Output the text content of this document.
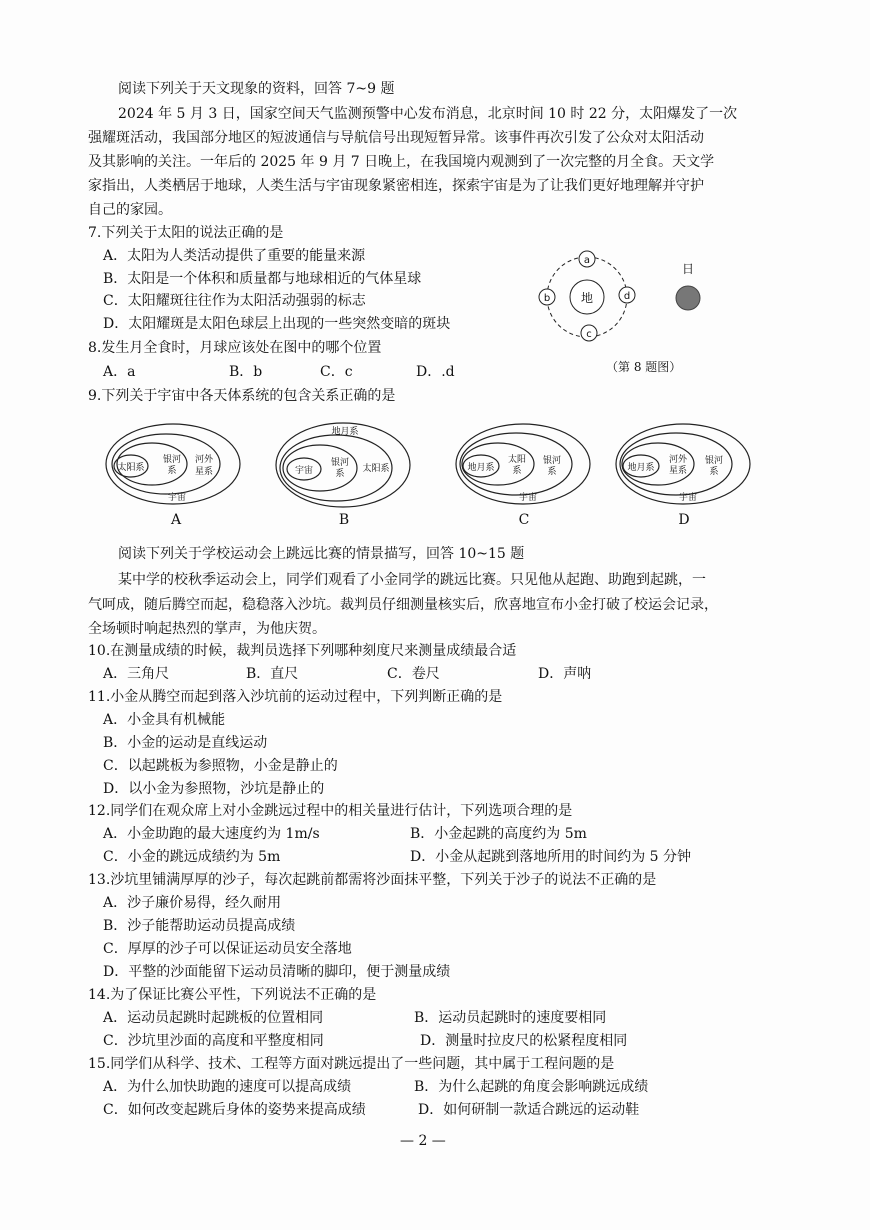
阅读下列关于天文现象的资料，回答 7~9 题
2024 年 5 月 3 日，国家空间天气监测预警中心发布消息，北京时间 10 时 22 分，太阳爆发了一次
强耀斑活动，我国部分地区的短波通信与导航信号出现短暂异常。该事件再次引发了公众对太阳活动
及其影响的关注。一年后的 2025 年 9 月 7 日晚上，在我国境内观测到了一次完整的月全食。天文学
家指出，人类栖居于地球，人类生活与宇宙现象紧密相连，探索宇宙是为了让我们更好地理解并守护
自己的家园。
7.下列关于太阳的说法正确的是
A．太阳为人类活动提供了重要的能量来源
B．太阳是一个体积和质量都与地球相近的气体星球
C．太阳耀斑往往作为太阳活动强弱的标志
D．太阳耀斑是太阳色球层上出现的一些突然变暗的斑块
地
a
b	d
c
日
（第 8 题图）
8.发生月全食时，月球应该处在图中的哪个位置
A．a	B．b	C．c	D．.d
9.下列关于宇宙中各天体系统的包含关系正确的是
太阳系
银河
系
河外
星系
宇宙
A
地月系
宇宙
银河
系 太阳系
B
地月系
太阳
系
银河
系
宇宙
C
地月系
河外
星系
银河
系
宇宙
D
阅读下列关于学校运动会上跳远比赛的情景描写，回答 10~15 题
某中学的校秋季运动会上，同学们观看了小金同学的跳远比赛。只见他从起跑、助跑到起跳，一
气呵成，随后腾空而起，稳稳落入沙坑。裁判员仔细测量核实后，欣喜地宣布小金打破了校运会记录，
全场顿时响起热烈的掌声，为他庆贺。
10.在测量成绩的时候，裁判员选择下列哪种刻度尺来测量成绩最合适
A．三角尺	B．直尺	C．卷尺	D．声呐
11.小金从腾空而起到落入沙坑前的运动过程中，下列判断正确的是
A．小金具有机械能
B．小金的运动是直线运动
C．以起跳板为参照物，小金是静止的
D．以小金为参照物，沙坑是静止的
12.同学们在观众席上对小金跳远过程中的相关量进行估计，下列选项合理的是
A．小金助跑的最大速度约为 1m/s	B．小金起跳的高度约为 5m
C．小金的跳远成绩约为 5m	D．小金从起跳到落地所用的时间约为 5 分钟
13.沙坑里铺满厚厚的沙子，每次起跳前都需将沙面抹平整，下列关于沙子的说法不正确的是
A．沙子廉价易得，经久耐用
B．沙子能帮助运动员提高成绩
C．厚厚的沙子可以保证运动员安全落地
D．平整的沙面能留下运动员清晰的脚印，便于测量成绩
14.为了保证比赛公平性，下列说法不正确的是
A．运动员起跳时起跳板的位置相同	B．运动员起跳时的速度要相同
C．沙坑里沙面的高度和平整度相同	D．测量时拉皮尺的松紧程度相同
15.同学们从科学、技术、工程等方面对跳远提出了一些问题，其中属于工程问题的是
A．为什么加快助跑的速度可以提高成绩	B．为什么起跳的角度会影响跳远成绩
C．如何改变起跳后身体的姿势来提高成绩	D．如何研制一款适合跳远的运动鞋
— 2 —
